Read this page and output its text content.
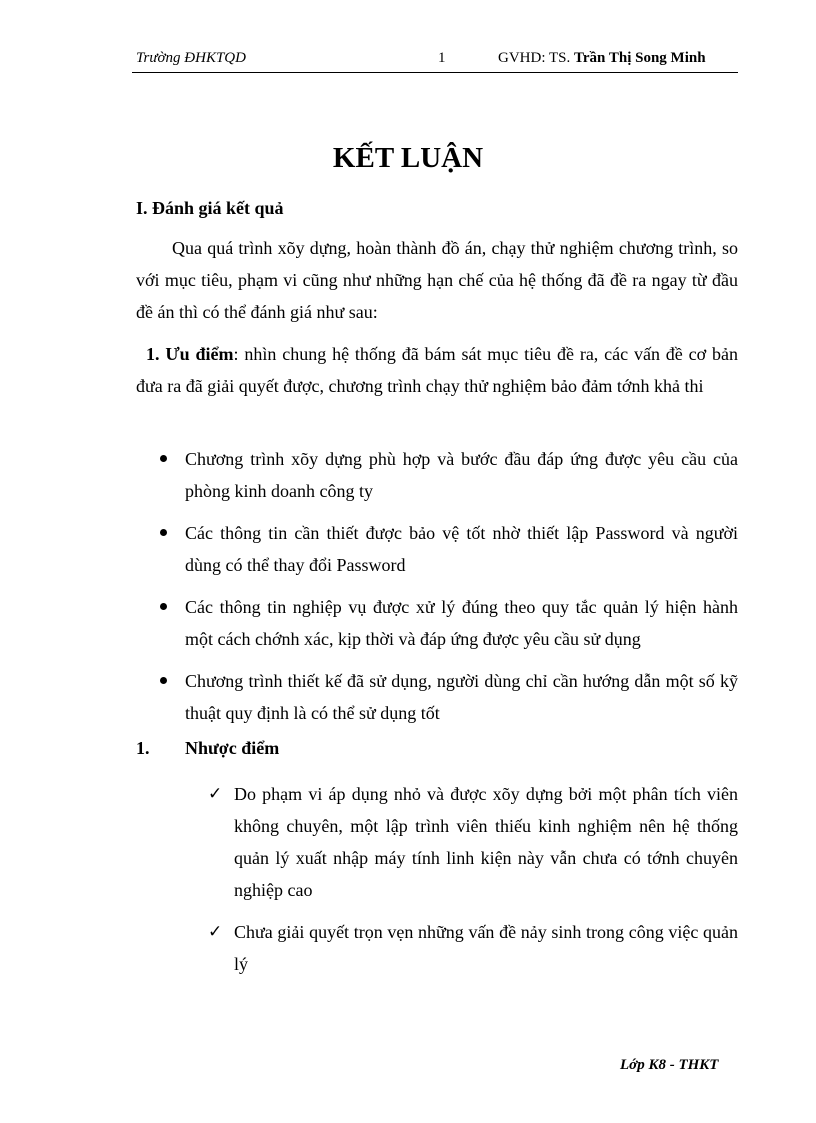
Trường ĐHKTQD	1	GVHD: TS. Trần Thị Song Minh
KẾT LUẬN
I. Đánh giá kết quả
Qua quá trình xõy dựng, hoàn thành đồ án, chạy thử nghiệm chương trình, so với mục tiêu, phạm vi cũng như những hạn chế của hệ thống đã đề ra ngay từ đầu đề án thì có thể đánh giá như sau:
1. Ưu điểm: nhìn chung hệ thống đã bám sát mục tiêu đề ra, các vấn đề cơ bản đưa ra đã giải quyết được, chương trình chạy thử nghiệm bảo đảm tớnh khả thi
Chương trình xõy dựng phù hợp và bước đầu đáp ứng được yêu cầu của phòng kinh doanh công ty
Các thông tin cần thiết được bảo vệ tốt nhờ thiết lập Password và người dùng có thể thay đổi Password
Các thông tin nghiệp vụ được xử lý đúng theo quy tắc quản lý hiện hành một cách chớnh xác, kịp thời và đáp ứng được yêu cầu sử dụng
Chương trình thiết kế đã sử dụng, người dùng chỉ cần hướng dẫn một số kỹ thuật quy định là có thể sử dụng tốt
1. Nhược điểm
✓ Do phạm vi áp dụng nhỏ và được xõy dựng bởi một phân tích viên không chuyên, một lập trình viên thiếu kinh nghiệm nên hệ thống quản lý xuất nhập máy tính linh kiện này vẫn chưa có tớnh chuyên nghiệp cao
✓ Chưa giải quyết trọn vẹn những vấn đề nảy sinh trong công việc quản lý
Lớp K8 - THKT
